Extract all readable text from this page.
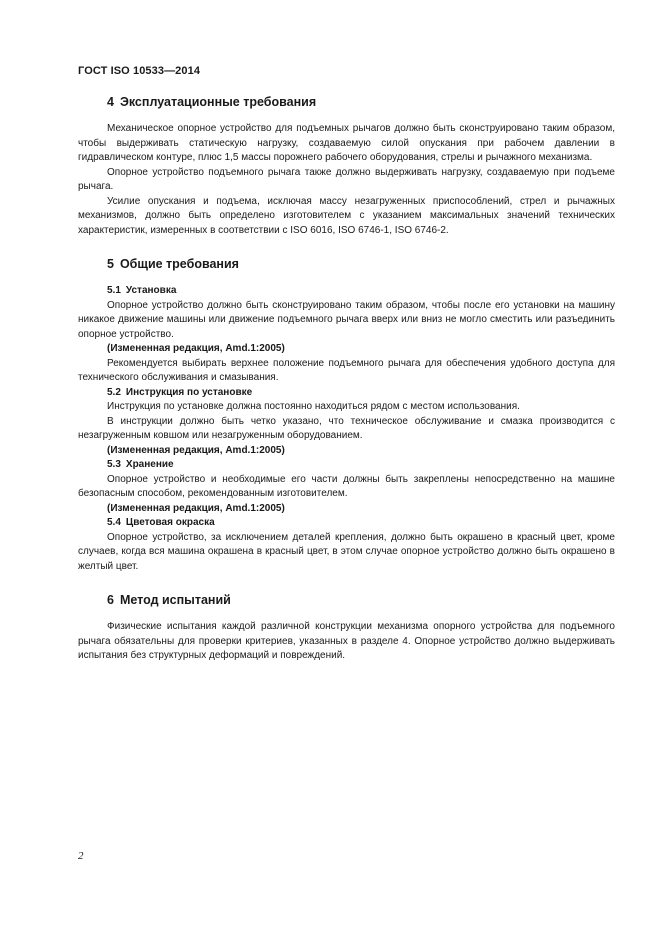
ГОСТ ISO 10533—2014
4 Эксплуатационные требования

Механическое опорное устройство для подъемных рычагов должно быть сконструировано таким образом, чтобы выдерживать статическую нагрузку, создаваемую силой опускания при рабочем давлении в гидравлическом контуре, плюс 1,5 массы порожнего рабочего оборудования, стрелы и рычажного механизма.

Опорное устройство подъемного рычага также должно выдерживать нагрузку, создаваемую при подъеме рычага.

Усилие опускания и подъема, исключая массу незагруженных приспособлений, стрел и рычажных механизмов, должно быть определено изготовителем с указанием максимальных значений технических характеристик, измеренных в соответствии с ISO 6016, ISO 6746-1, ISO 6746-2.

5 Общие требования
5.1 Установка

Опорное устройство должно быть сконструировано таким образом, чтобы после его установки на машину никакое движение машины или движение подъемного рычага вверх или вниз не могло сместить или разъединить опорное устройство.

(Измененная редакция, Amd.1:2005)

Рекомендуется выбирать верхнее положение подъемного рычага для обеспечения удобного доступа для технического обслуживания и смазывания.

5.2 Инструкция по установке

Инструкция по установке должна постоянно находиться рядом с местом использования.

В инструкции должно быть четко указано, что техническое обслуживание и смазка производится с незагруженным ковшом или незагруженным оборудованием.

(Измененная редакция, Amd.1:2005)

5.3 Хранение

Опорное устройство и необходимые его части должны быть закреплены непосредственно на машине безопасным способом, рекомендованным изготовителем.

(Измененная редакция, Amd.1:2005)

5.4 Цветовая окраска

Опорное устройство, за исключением деталей крепления, должно быть окрашено в красный цвет, кроме случаев, когда вся машина окрашена в красный цвет, в этом случае опорное устройство должно быть окрашено в желтый цвет.

6 Метод испытаний

Физические испытания каждой различной конструкции механизма опорного устройства для подъемного рычага обязательны для проверки критериев, указанных в разделе 4. Опорное устройство должно выдерживать испытания без структурных деформаций и повреждений.

2
